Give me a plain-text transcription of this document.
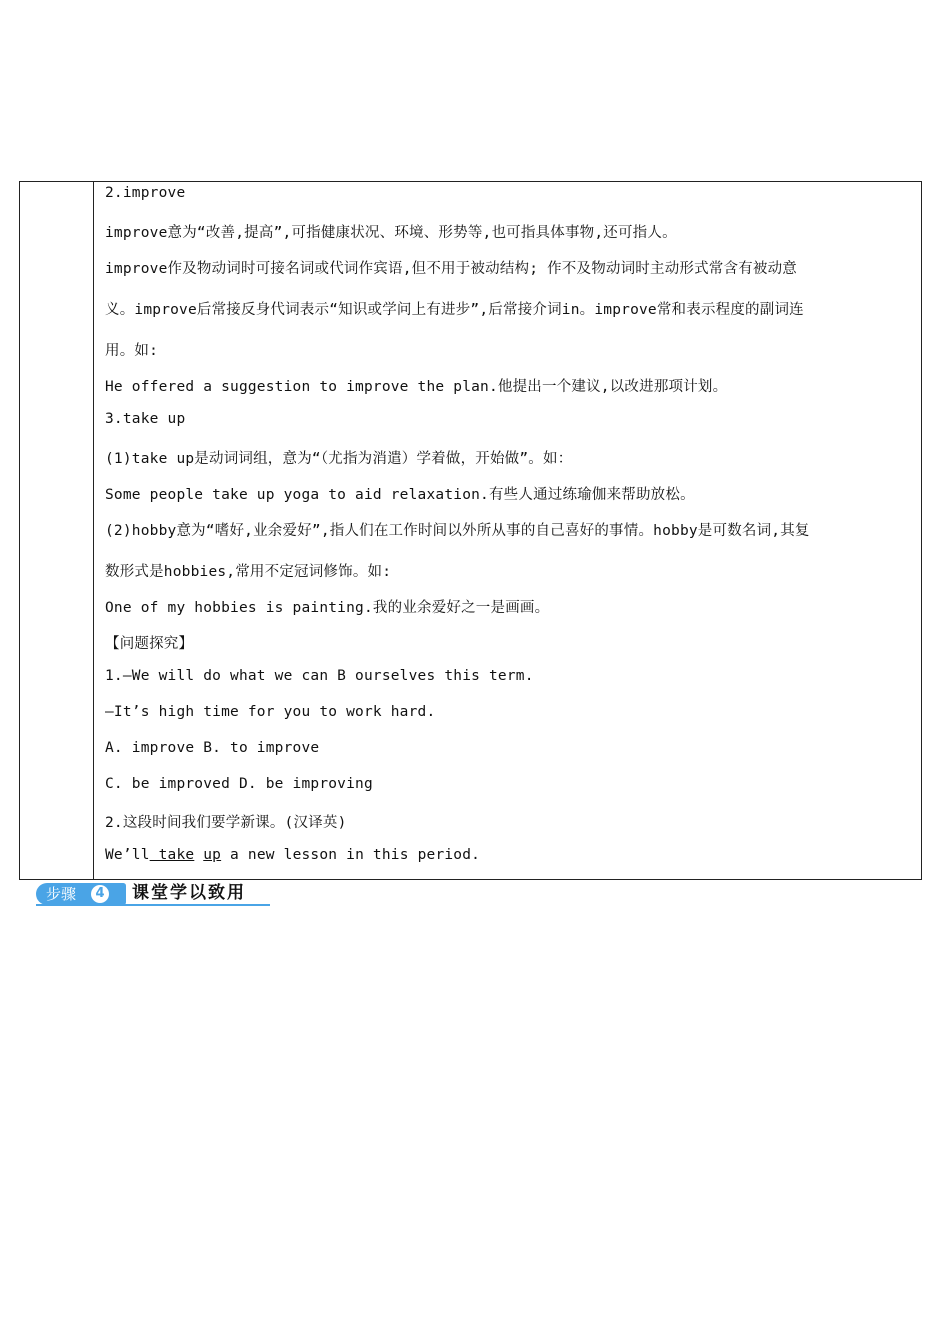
2.improve
improve意为“改善,提高”,可指健康状况、环境、形势等,也可指具体事物,还可指人。
improve作及物动词时可接名词或代词作宾语,但不用于被动结构; 作不及物动词时主动形式常含有被动意
义。improve后常接反身代词表示“知识或学问上有进步”,后常接介词in。improve常和表示程度的副词连
用。如:
He offered a suggestion to improve the plan.他提出一个建议,以改进那项计划。
3.take up
(1)take up是动词词组，意为“（尤指为消遣）学着做，开始做”。如：
Some people take up yoga to aid relaxation.有些人通过练瑜伽来帮助放松。
(2)hobby意为“嗜好,业余爱好”,指人们在工作时间以外所从事的自己喜好的事情。hobby是可数名词,其复
数形式是hobbies,常用不定冠词修饰。如:
One of my hobbies is painting.我的业余爱好之一是画画。
【问题探究】
1.—We will do what we can B ourselves this term.
—It’s high time for you to work hard.
A. improve B. to improve
C. be improved D. be improving
2.这段时间我们要学新课。(汉译英)
We’ll take up a new lesson in this period.
步骤	4 课堂学以致用
